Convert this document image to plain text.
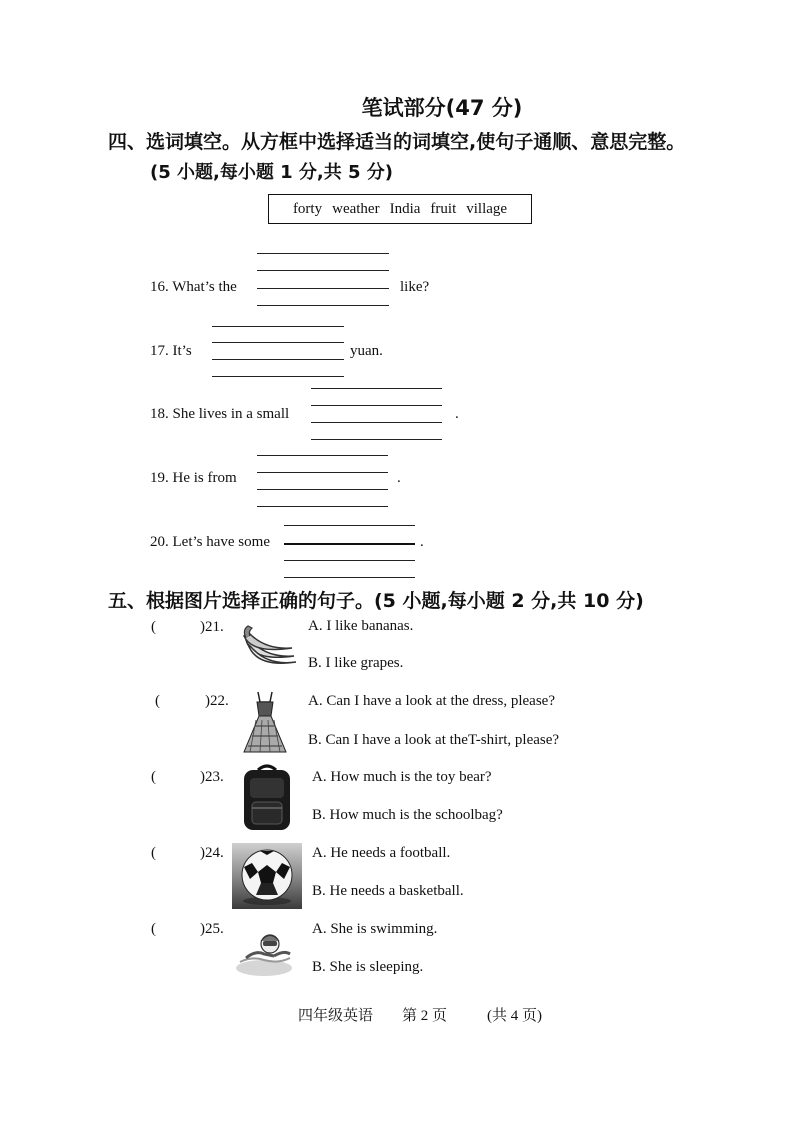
笔试部分(47 分)
四、选词填空。从方框中选择适当的词填空,使句子通顺、意思完整。
(5 小题,每小题 1 分,共 5 分)
forty weather India fruit village
16. What’s the	like?
17. It’s	yuan.
18. She lives in a small	.
19. He is from	.
20. Let’s have some	.
五、根据图片选择正确的句子。(5 小题,每小题 2 分,共 10 分)
(	)21.	A. I like bananas.
B. I like grapes.
(	)22.	A. Can I have a look at the dress, please?
B. Can I have a look at theT-shirt, please?
(	)23.	A. How much is the toy bear?
B. How much is the schoolbag?
(	)24.	A. He needs a football.
B. He needs a basketball.
(	)25.	A. She is swimming.
B. She is sleeping.
四年级英语 第 2 页	(共 4 页)
